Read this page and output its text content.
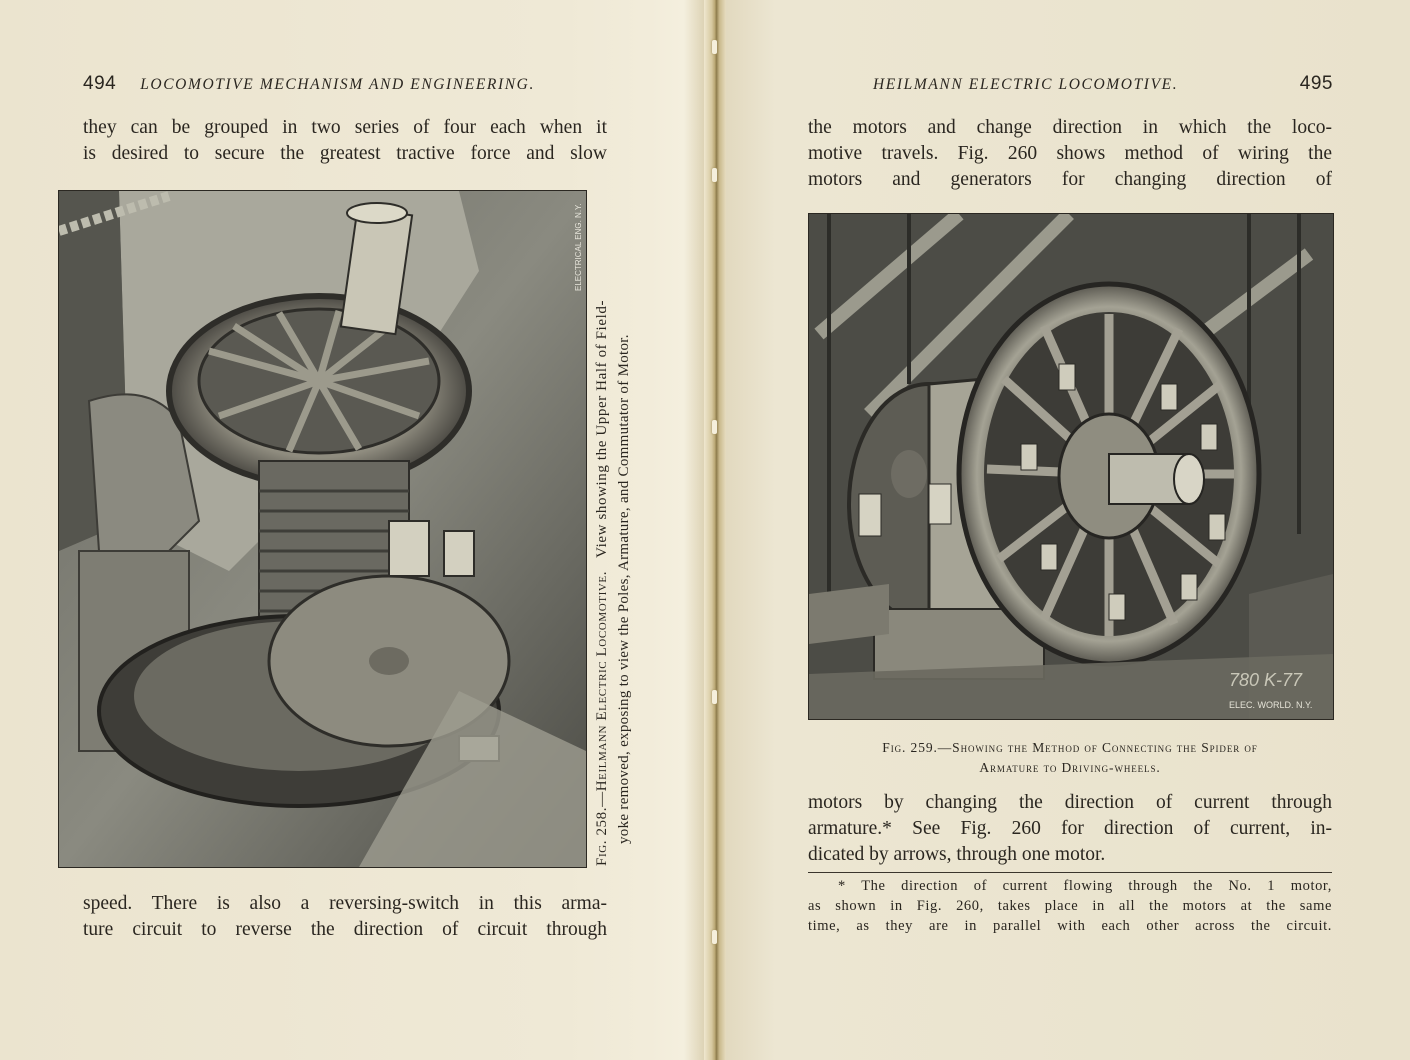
494 LOCOMOTIVE MECHANISM AND ENGINEERING.
they can be grouped in two series of four each when it
is desired to secure the greatest tractive force and slow
ELECTRICAL ENG. N.Y.
Fig. 258.—Heilmann Electric Locomotive.   View showing the Upper Half of Field- yoke removed, exposing to view the Poles, Armature, and Commutator of Motor.
speed. There is also a reversing-switch in this arma-
ture circuit to reverse the direction of circuit through
HEILMANN ELECTRIC LOCOMOTIVE.	495
the motors and change direction in which the loco-
motive travels. Fig. 260 shows method of wiring the
motors and generators for changing direction of
780 K-77
ELEC. WORLD. N.Y.
Fig. 259.—Showing the Method of Connecting the Spider of
Armature to Driving-wheels.
motors by changing the direction of current through
armature.* See Fig. 260 for direction of current, in-
dicated by arrows, through one motor.
* The direction of current flowing through the No. 1 motor,
as shown in Fig. 260, takes place in all the motors at the same
time, as they are in parallel with each other across the circuit.
